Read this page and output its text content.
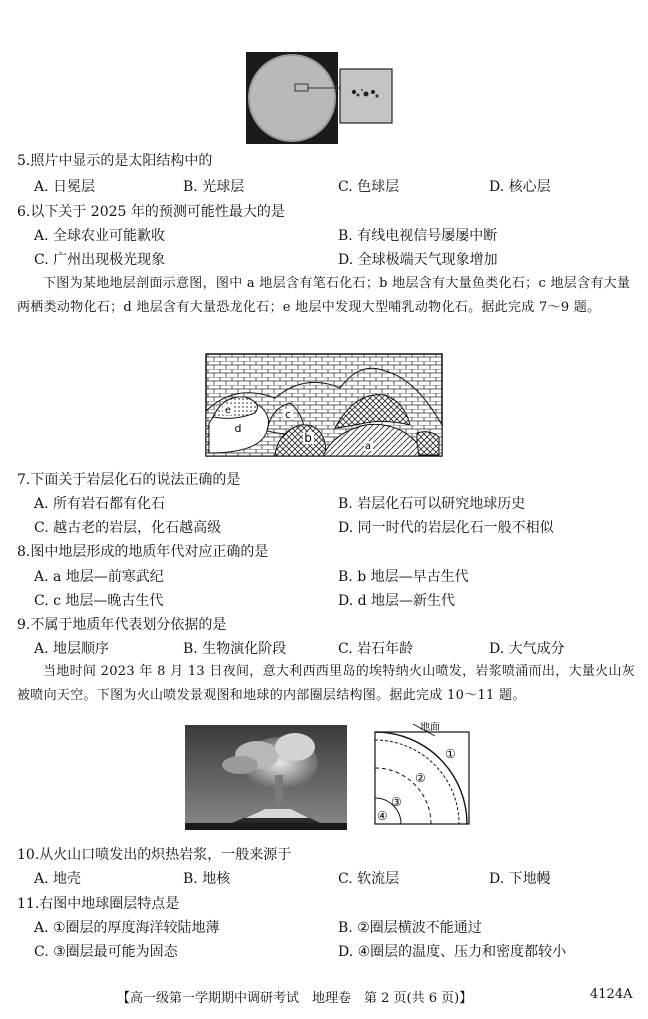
5.照片中显示的是太阳结构中的
A. 日冕层	B. 光球层	C. 色球层	D. 核心层
6.以下关于 2025 年的预测可能性最大的是
A. 全球农业可能歉收	B. 有线电视信号屡屡中断
C. 广州出现极光现象	D. 全球极端天气现象增加
下图为某地地层剖面示意图，图中 a 地层含有笔石化石；b 地层含有大量鱼类化石；c 地层含有大量两栖类动物化石；d 地层含有大量恐龙化石；e 地层中发现大型哺乳动物化石。据此完成 7～9 题。
e
d
c
b
a
7.下面关于岩层化石的说法正确的是
A. 所有岩石都有化石	B. 岩层化石可以研究地球历史
C. 越古老的岩层，化石越高级	D. 同一时代的岩层化石一般不相似
8.图中地层形成的地质年代对应正确的是
A. a 地层—前寒武纪	B. b 地层—早古生代
C. c 地层—晚古生代	D. d 地层—新生代
9.不属于地质年代表划分依据的是
A. 地层顺序	B. 生物演化阶段	C. 岩石年龄	D. 大气成分
当地时间 2023 年 8 月 13 日夜间，意大利西西里岛的埃特纳火山喷发，岩浆喷涌而出，大量火山灰被喷向天空。下图为火山喷发景观图和地球的内部圈层结构图。据此完成 10～11 题。
地面
①
②
③
④
10.从火山口喷发出的炽热岩浆，一般来源于
A. 地壳	B. 地核	C. 软流层	D. 下地幔
11.右图中地球圈层特点是
A. ①圈层的厚度海洋较陆地薄	B. ②圈层横波不能通过
C. ③圈层最可能为固态	D. ④圈层的温度、压力和密度都较小
【高一级第一学期期中调研考试　地理卷　第 2 页(共 6 页)】	4124A
